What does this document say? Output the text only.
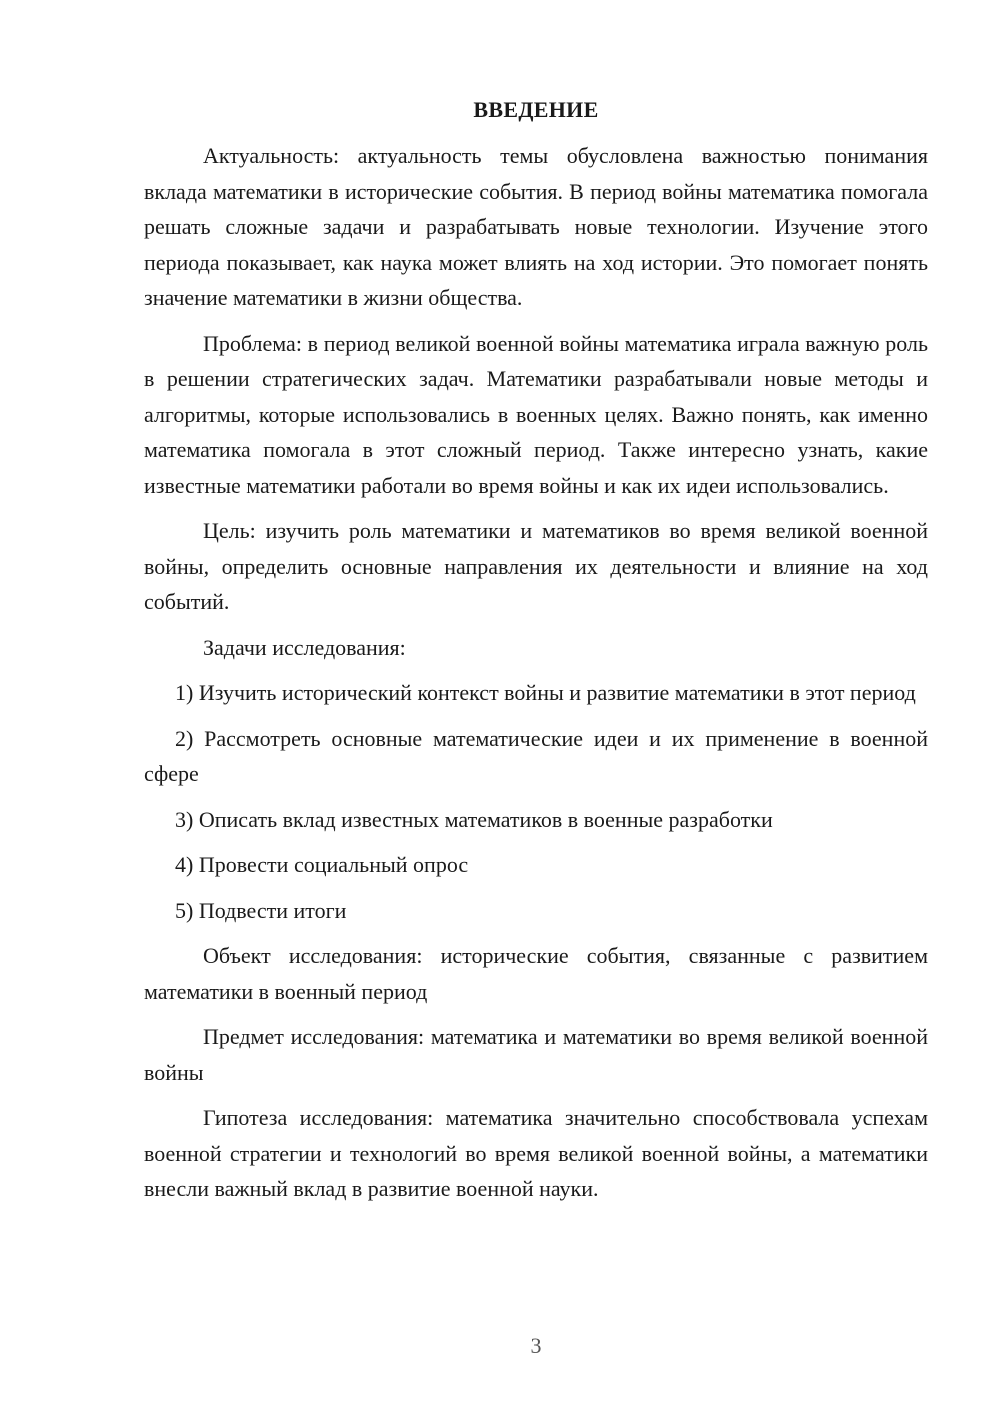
ВВЕДЕНИЕ

Актуальность: актуальность темы обусловлена важностью понимания вклада математики в исторические события. В период войны математика помогала решать сложные задачи и разрабатывать новые технологии. Изучение этого периода показывает, как наука может влиять на ход истории. Это помогает понять значение математики в жизни общества.

Проблема: в период великой военной войны математика играла важную роль в решении стратегических задач. Математики разрабатывали новые методы и алгоритмы, которые использовались в военных целях. Важно понять, как именно математика помогала в этот сложный период. Также интересно узнать, какие известные математики работали во время войны и как их идеи использовались.

Цель: изучить роль математики и математиков во время великой военной войны, определить основные направления их деятельности и влияние на ход событий.

Задачи исследования:

1) Изучить исторический контекст войны и развитие математики в этот период

2) Рассмотреть основные математические идеи и их применение в военной сфере

3) Описать вклад известных математиков в военные разработки

4) Провести социальный опрос

5) Подвести итоги

Объект исследования: исторические события, связанные с развитием математики в военный период

Предмет исследования: математика и математики во время великой военной войны

Гипотеза исследования: математика значительно способствовала успехам военной стратегии и технологий во время великой военной войны, а математики внесли важный вклад в развитие военной науки.

3
